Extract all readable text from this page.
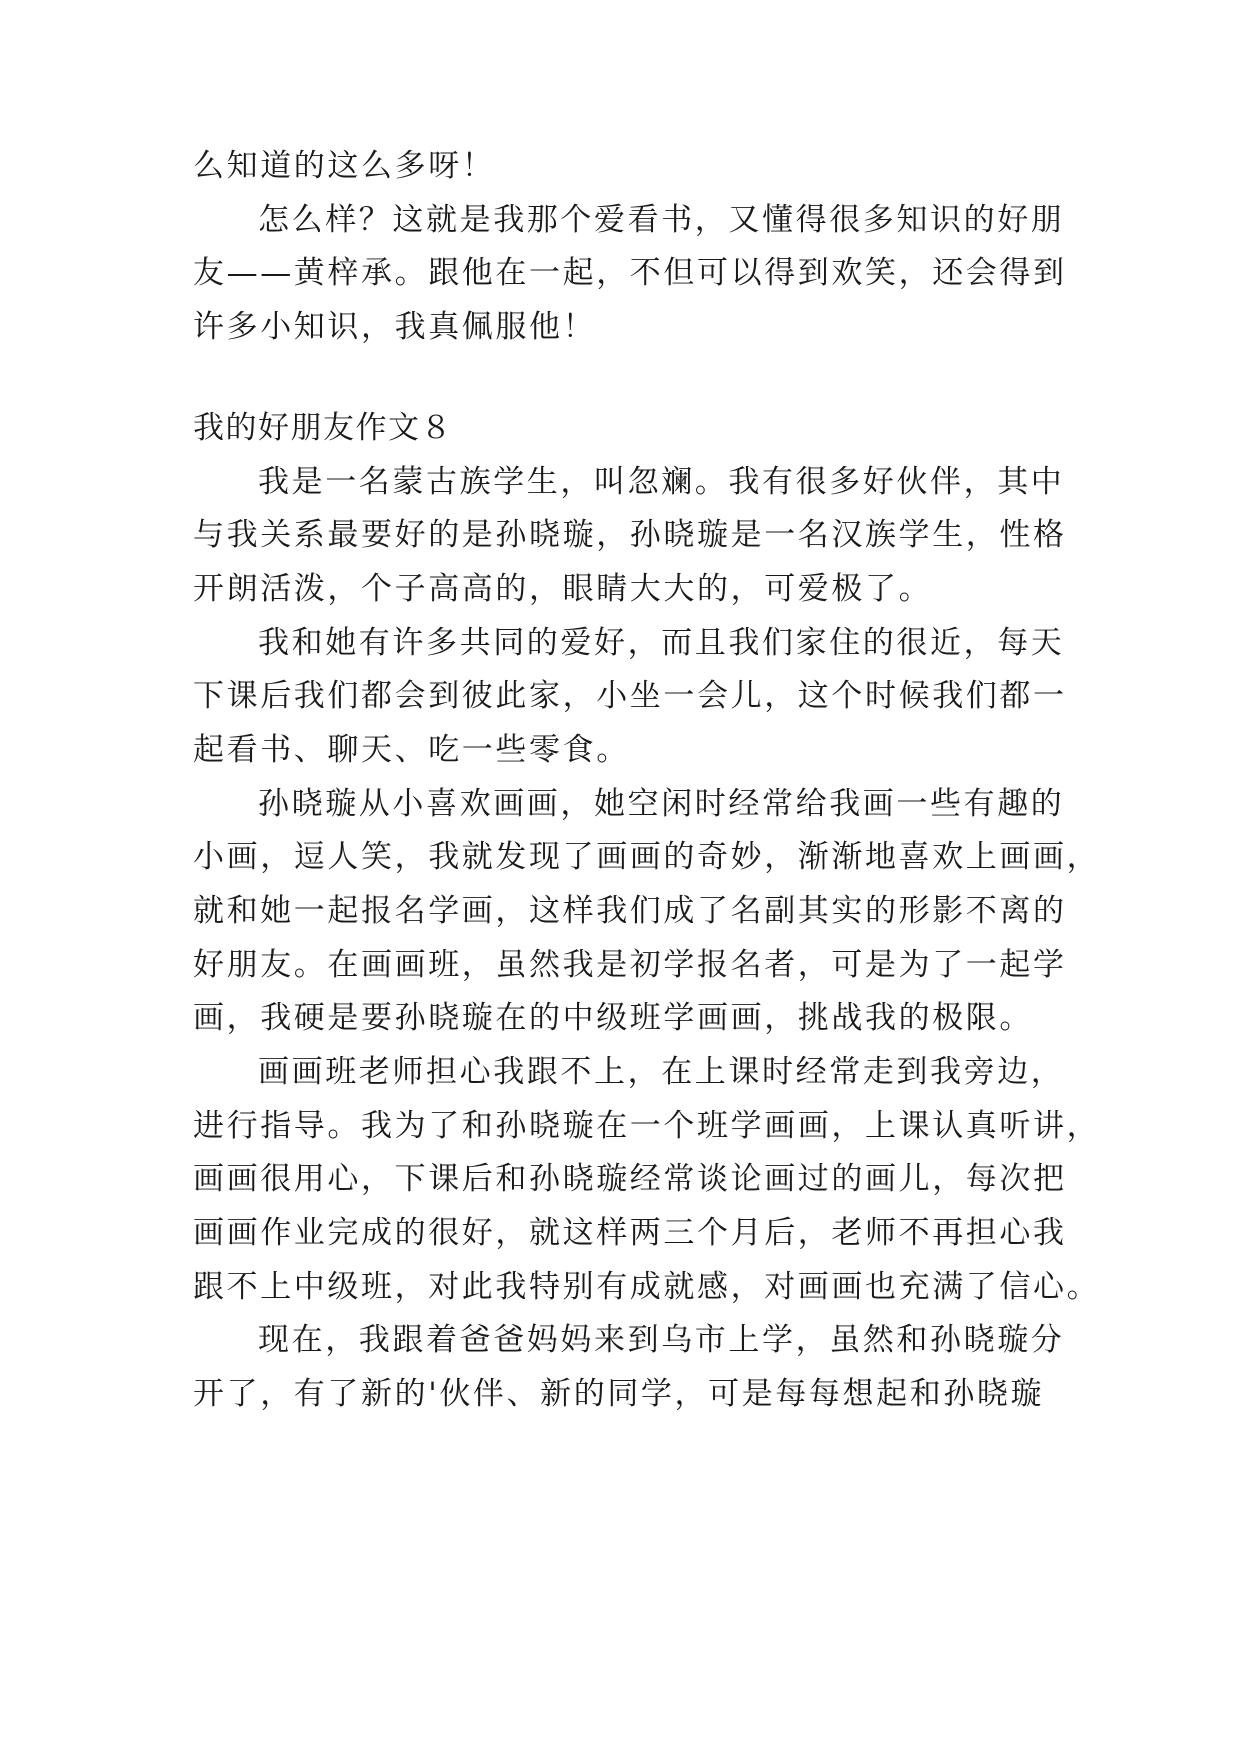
么知道的这么多呀！
怎么样？这就是我那个爱看书，又懂得很多知识的好朋
友——黄梓承。跟他在一起，不但可以得到欢笑，还会得到
许多小知识，我真佩服他！
我的好朋友作文８
我是一名蒙古族学生，叫忽斓。我有很多好伙伴，其中
与我关系最要好的是孙晓璇，孙晓璇是一名汉族学生，性格
开朗活泼，个子高高的，眼睛大大的，可爱极了。
我和她有许多共同的爱好，而且我们家住的很近，每天
下课后我们都会到彼此家，小坐一会儿，这个时候我们都一
起看书、聊天、吃一些零食。
孙晓璇从小喜欢画画，她空闲时经常给我画一些有趣的
小画，逗人笑，我就发现了画画的奇妙，渐渐地喜欢上画画，
就和她一起报名学画，这样我们成了名副其实的形影不离的
好朋友。在画画班，虽然我是初学报名者，可是为了一起学
画，我硬是要孙晓璇在的中级班学画画，挑战我的极限。
画画班老师担心我跟不上，在上课时经常走到我旁边，
进行指导。我为了和孙晓璇在一个班学画画，上课认真听讲，
画画很用心，下课后和孙晓璇经常谈论画过的画儿，每次把
画画作业完成的很好，就这样两三个月后，老师不再担心我
跟不上中级班，对此我特别有成就感，对画画也充满了信心。
现在，我跟着爸爸妈妈来到乌市上学，虽然和孙晓璇分
开了，有了新的'伙伴、新的同学，可是每每想起和孙晓璇
